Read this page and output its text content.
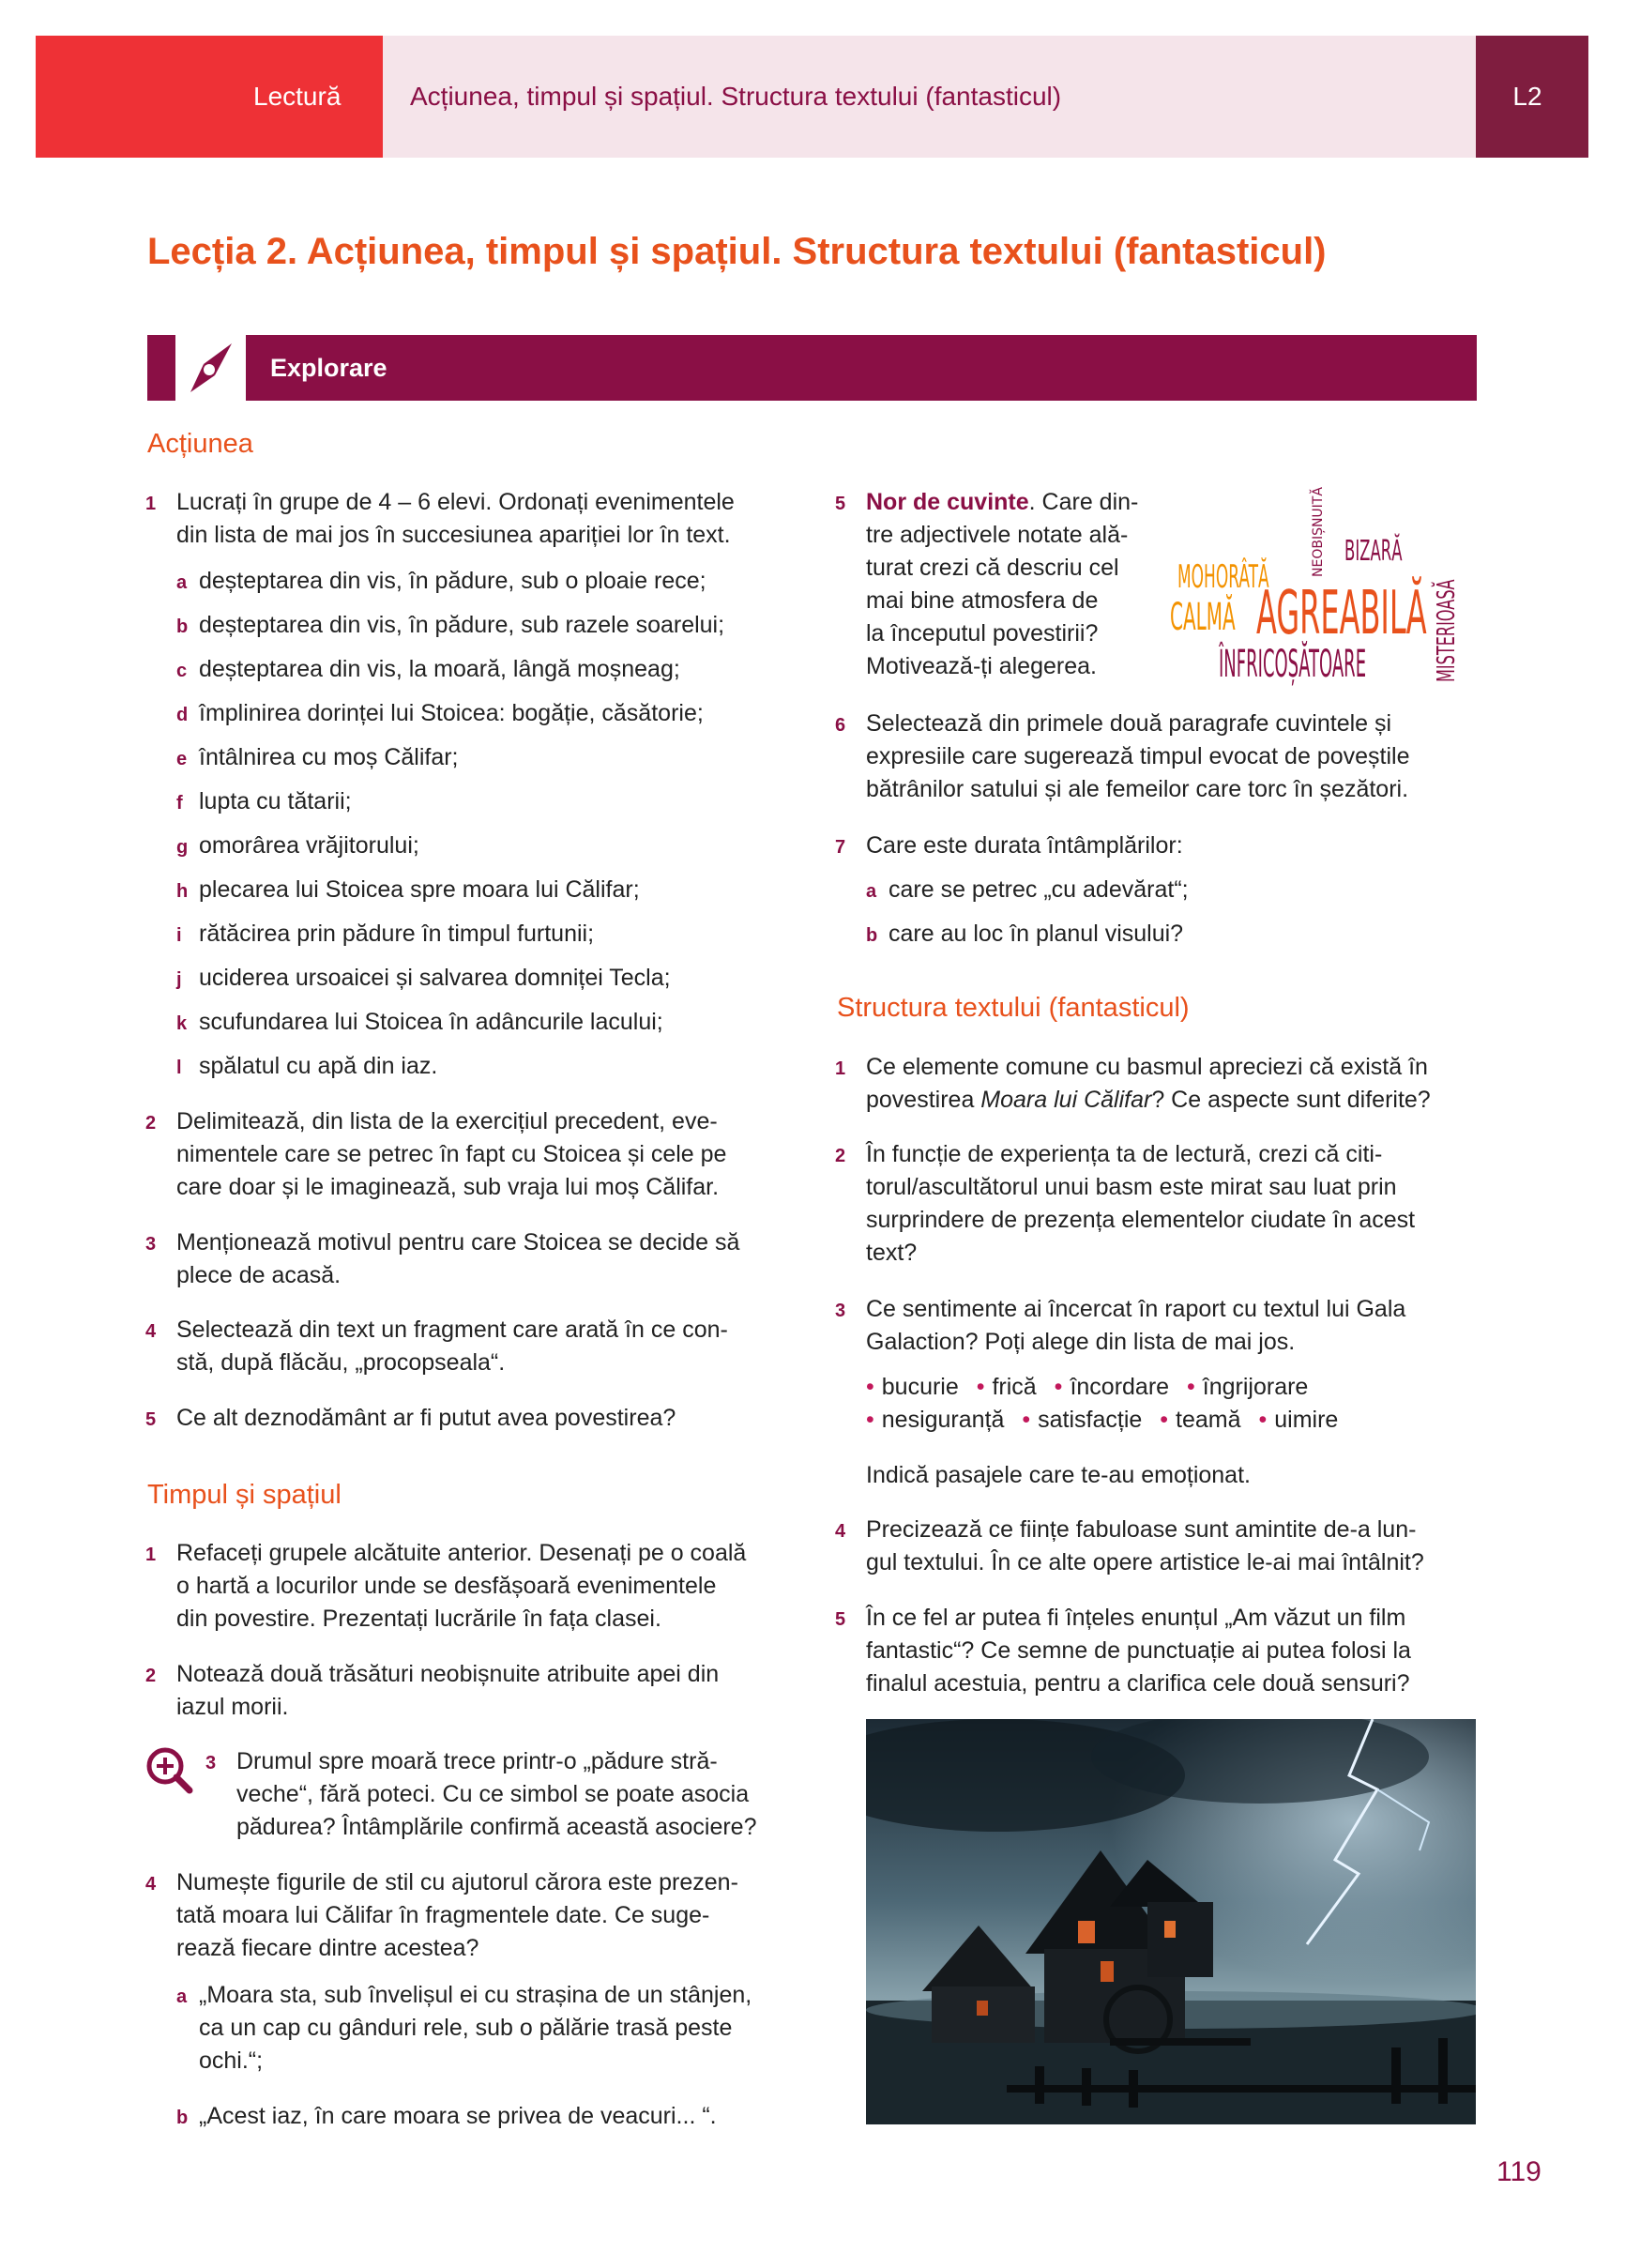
Lectură	Acțiunea, timpul și spațiul. Structura textului (fantasticul)	L2
Lecția 2. Acțiunea, timpul și spațiul. Structura textului (fantasticul)
Explorare
Acțiunea
1 Lucrați în grupe de 4 – 6 elevi. Ordonați evenimentele
din lista de mai jos în succesiunea apariției lor în text.
a deșteptarea din vis, în pădure, sub o ploaie rece;
b deșteptarea din vis, în pădure, sub razele soarelui;
c deșteptarea din vis, la moară, lângă moșneag;
d împlinirea dorinței lui Stoicea: bogăție, căsătorie;
e întâlnirea cu moș Călifar;
f lupta cu tătarii;
g omorârea vrăjitorului;
h plecarea lui Stoicea spre moara lui Călifar;
i rătăcirea prin pădure în timpul furtunii;
j uciderea ursoaicei și salvarea domniței Tecla;
k scufundarea lui Stoicea în adâncurile lacului;
l spălatul cu apă din iaz.
2 Delimitează, din lista de la exercițiul precedent, eve-
nimentele care se petrec în fapt cu Stoicea și cele pe
care doar și le imaginează, sub vraja lui moș Călifar.
3 Menționează motivul pentru care Stoicea se decide să
plece de acasă.
4 Selectează din text un fragment care arată în ce con-
stă, după flăcău, „procopseala“.
5 Ce alt deznodământ ar fi putut avea povestirea?
Timpul și spațiul
1 Refaceți grupele alcătuite anterior. Desenați pe o coală
o hartă a locurilor unde se desfășoară evenimentele
din povestire. Prezentați lucrările în fața clasei.
2 Notează două trăsături neobișnuite atribuite apei din
iazul morii.
3 Drumul spre moară trece printr-o „pădure stră-
veche“, fără poteci. Cu ce simbol se poate asocia
pădurea? Întâmplările confirmă această asociere?
4 Numește figurile de stil cu ajutorul cărora este prezen-
tată moara lui Călifar în fragmentele date. Ce suge-
rează fiecare dintre acestea?
a „Moara sta, sub învelișul ei cu strașina de un stânjen,
ca un cap cu gânduri rele, sub o pălărie trasă peste
ochi.“;
b „Acest iaz, în care moara se privea de veacuri... “.
5 Nor de cuvinte. Care din-
tre adjectivele notate ală-
turat crezi că descriu cel
mai bine atmosfera de
la începutul povestirii?
Motivează-ți alegerea.
NEOBIȘNUITĂ BIZARĂ
MOHORÂTĂ
CALMĂ AGREABILĂ MISTERIOASĂ
ÎNFRICOȘĂTOARE
6 Selectează din primele două paragrafe cuvintele și
expresiile care sugerează timpul evocat de poveștile
bătrânilor satului și ale femeilor care torc în șezători.
7 Care este durata întâmplărilor:
a care se petrec „cu adevărat“;
b care au loc în planul visului?
Structura textului (fantasticul)
1 Ce elemente comune cu basmul apreciezi că există în
povestirea Moara lui Călifar? Ce aspecte sunt diferite?
2 În funcție de experiența ta de lectură, crezi că citi-
torul/ascultătorul unui basm este mirat sau luat prin
surprindere de prezența elementelor ciudate în acest
text?
3 Ce sentimente ai încercat în raport cu textul lui Gala
Galaction? Poți alege din lista de mai jos.
• bucurie • frică • încordare • îngrijorare
• nesiguranță • satisfacție • teamă • uimire
Indică pasajele care te-au emoționat.
4 Precizează ce ființe fabuloase sunt amintite de-a lun-
gul textului. În ce alte opere artistice le-ai mai întâlnit?
5 În ce fel ar putea fi înțeles enunțul „Am văzut un film
fantastic“? Ce semne de punctuație ai putea folosi la
finalul acestuia, pentru a clarifica cele două sensuri?
119
